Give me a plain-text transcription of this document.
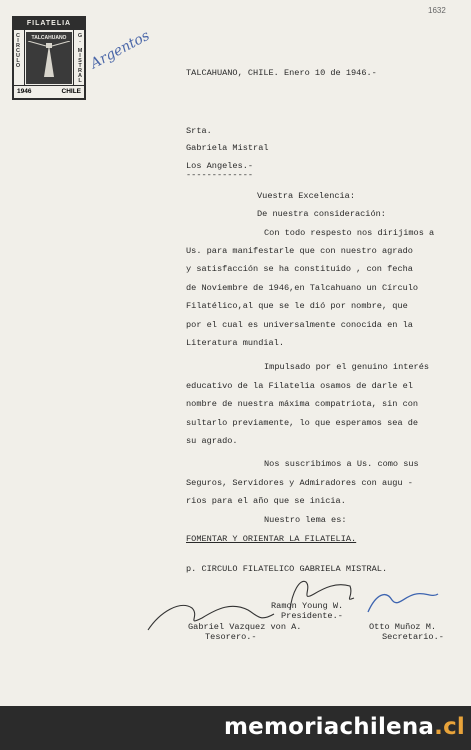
1632
FILATELIA
CIRCULO	G. MISTRAL
TALCAHUANO
1946	CHILE
Argentos
TALCAHUANO, CHILE. Enero 10 de 1946.-
Srta.
Gabriela Mistral
Los Angeles.-
-------------
Vuestra Excelencia:
De nuestra consideración:
Con todo respesto nos dirijimos a
Us. para manifestarle que con nuestro agrado
y satisfacción se ha constituido , con fecha
de Noviembre de 1946,en Talcahuano un Círculo
Filatélico,al que se le dió por nombre, que
por el cual es universalmente conocida en la
Literatura mundial.
Impulsado por el genuino interés
educativo de la Filatelia osamos de darle el
nombre de nuestra máxima compatriota, sin con
sultarlo previamente, lo que esperamos sea de
su agrado.
Nos suscribimos a Us. como sus
Seguros, Servidores y Admiradores con augu -
rios para el año que se inicia.
Nuestro lema es:
FOMENTAR Y ORIENTAR LA FILATELIA.
p. CIRCULO FILATELICO GABRIELA MISTRAL.
Ramon Young W.
Presidente.-
Gabriel Vazquez von A.
Tesorero.-
Otto Muñoz M.
Secretario.-
memoriachilena.cl
